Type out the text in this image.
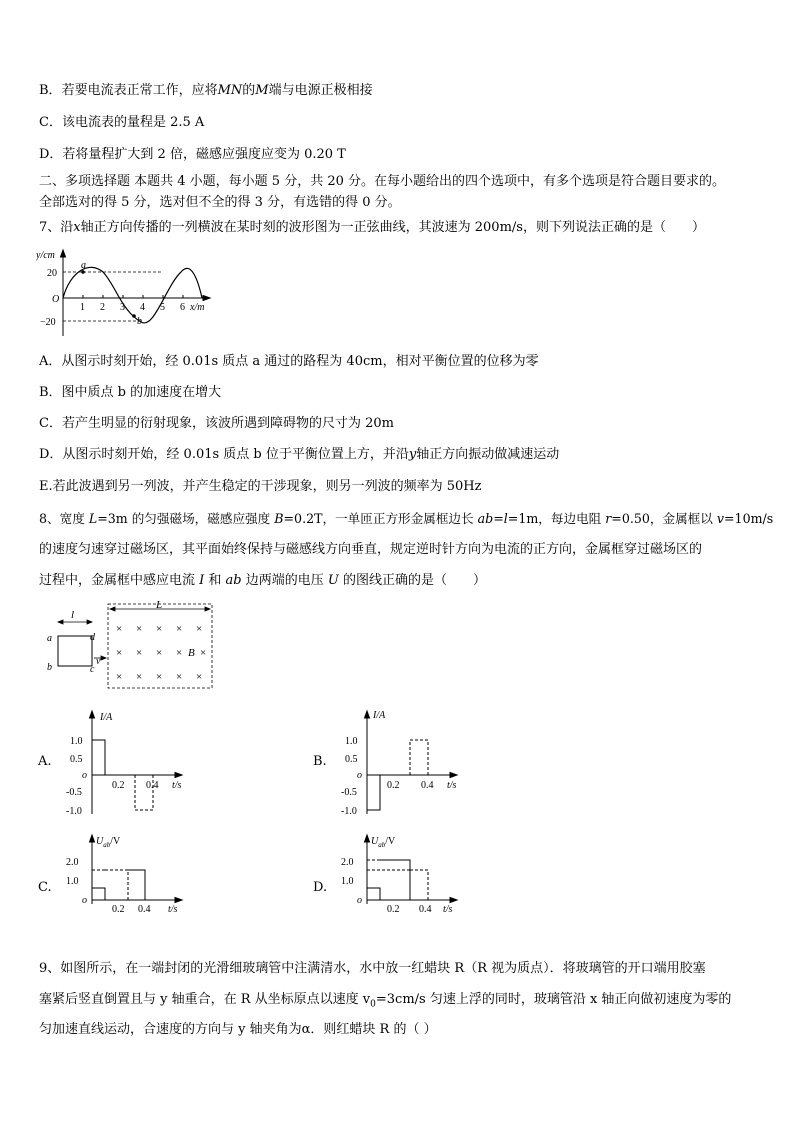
B．若要电流表正常工作，应将MN的M端与电源正极相接
C．该电流表的量程是 2.5 A
D．若将量程扩大到 2 倍，磁感应强度应变为 0.20 T
二、多项选择题 本题共 4 小题，每小题 5 分，共 20 分。在每小题给出的四个选项中，有多个选项是符合题目要求的。
全部选对的得 5 分，选对但不全的得 3 分，有选错的得 0 分。
7、沿x轴正方向传播的一列横波在某时刻的波形图为一正弦曲线，其波速为 200m/s，则下列说法正确的是（　　）
y/cm
x/m
O
20
−20
1 2 3 4 5 6
a
b
A．从图示时刻开始，经 0.01s 质点 a 通过的路程为 40cm，相对平衡位置的位移为零
B．图中质点 b 的加速度在增大
C．若产生明显的衍射现象，该波所遇到障碍物的尺寸为 20m
D．从图示时刻开始，经 0.01s 质点 b 位于平衡位置上方，并沿y轴正方向振动做减速运动
E.若此波遇到另一列波，并产生稳定的干涉现象，则另一列波的频率为 50Hz
8、宽度 L=3m 的匀强磁场，磁感应强度 B=0.2T，一单匝正方形金属框边长 ab=l=1m，每边电阻 r=0.50，金属框以 v=10m/s
的速度匀速穿过磁场区，其平面始终保持与磁感线方向垂直，规定逆时针方向为电流的正方向，金属框穿过磁场区的
过程中，金属框中感应电流 I 和 ab 边两端的电压 U 的图线正确的是（　　）
× × × × ×
× × × × ×
× × × × ×
l
L
a
b	c
d
v
B
A.
I/A
t/s
o
1.0
0.5
-0.5
-1.0
0.2 0.4
B.
I/A
t/s
o
1.0
0.5
-0.5
-1.0
0.2 0.4
C.
$U_{ab}/V$
t/s
o
2.0
1.0
0.2 0.4
D.
$U_{ab}/V$
t/s
o
2.0
1.0
0.2 0.4
9、如图所示，在一端封闭的光滑细玻璃管中注满清水，水中放一红蜡块 R（R 视为质点）．将玻璃管的开口端用胶塞
塞紧后竖直倒置且与 y 轴重合，在 R 从坐标原点以速度 $v_0=3cm/s$ 匀速上浮的同时，玻璃管沿 x 轴正向做初速度为零的
匀加速直线运动，合速度的方向与 y 轴夹角为α．则红蜡块 R 的（ ）
